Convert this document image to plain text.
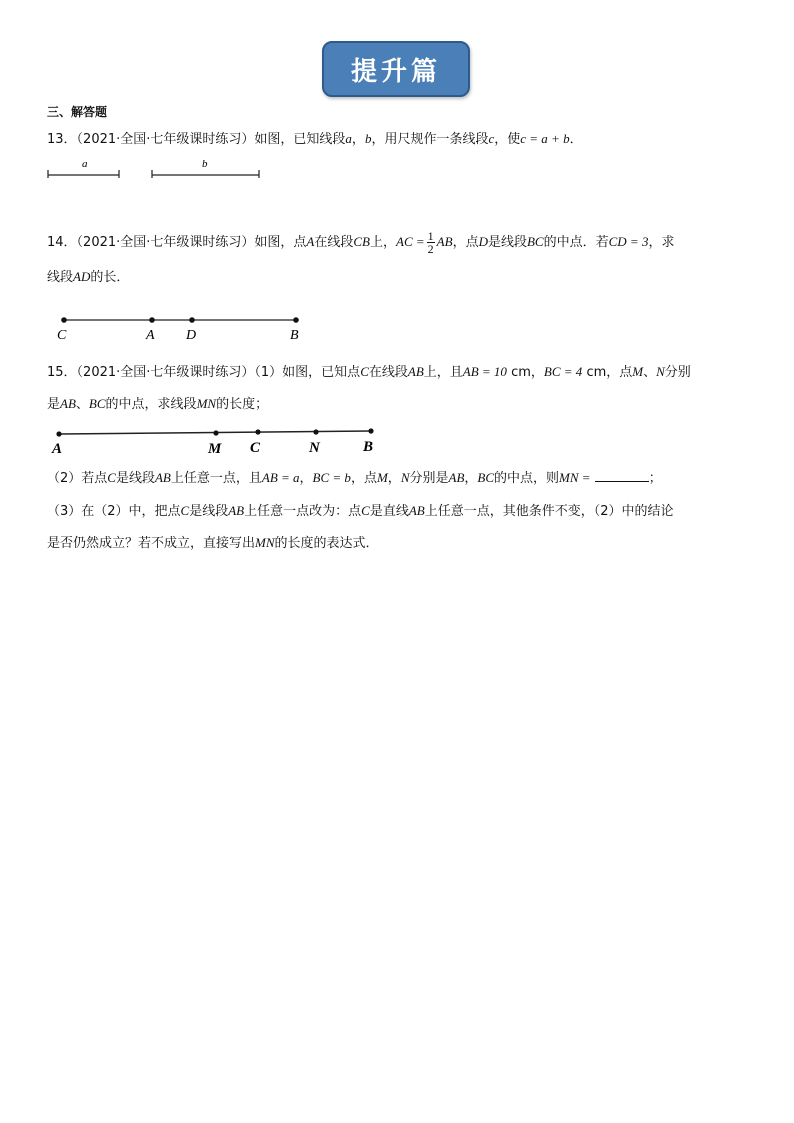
提升篇
三、解答题
13．（2021·全国·七年级课时练习）如图，已知线段a，b，用尺规作一条线段c，使c = a + b．
a	b
C	A D	B
A	M C	N	B
14．（2021·全国·七年级课时练习）如图，点A在线段CB上，AC = $\frac{1}{2}$ AB，点D是线段BC的中点．若CD = 3，求
线段AD的长．
15．（2021·全国·七年级课时练习）（1）如图，已知点C在线段AB上，且AB = 10 cm，BC = 4 cm，点M、N分别
是AB、BC的中点，求线段MN的长度；
（2）若点C是线段AB上任意一点，且AB = a，BC = b，点M，N分别是AB，BC的中点，则MN =	；
（3）在（2）中，把点C是线段AB上任意一点改为：点C是直线AB上任意一点，其他条件不变，（2）中的结论
是否仍然成立？若不成立，直接写出MN的长度的表达式．
